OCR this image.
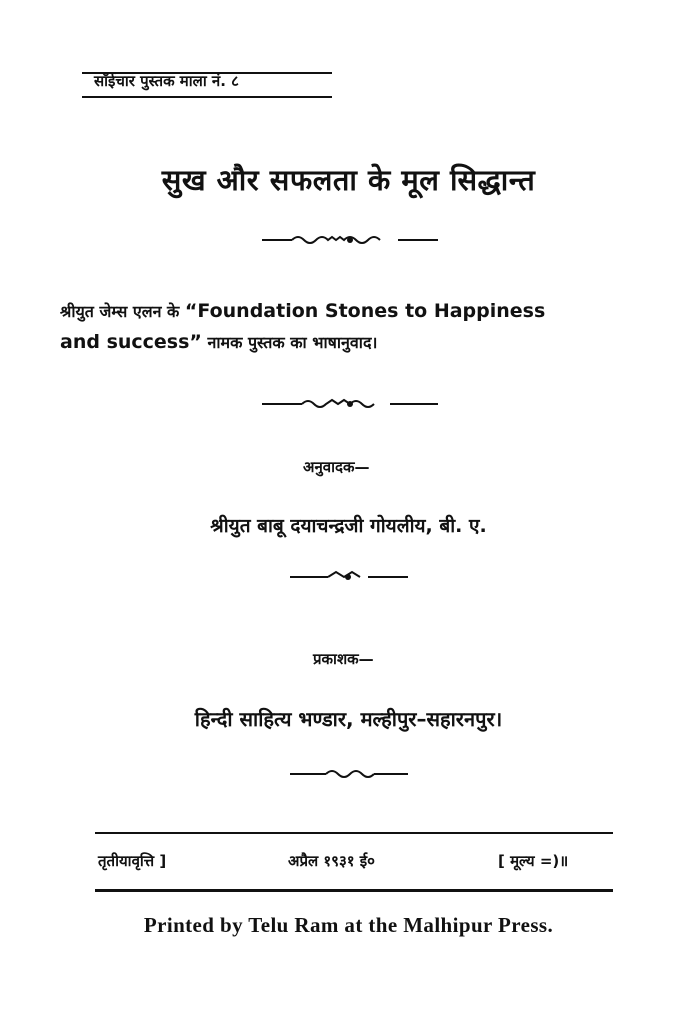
साँईचार पुस्तक माला नं. ८
सुख और सफलता के मूल सिद्धान्त
श्रीयुत जेम्स एलन के “Foundation Stones to Happiness
and success” नामक पुस्तक का भाषानुवाद।
अनुवादक—
श्रीयुत बाबू दयाचन्द्रजी गोयलीय, बी. ए.
प्रकाशक—
हिन्दी साहित्य भण्डार, मल्हीपुर–सहारनपुर।
तृतीयावृत्ति ]	अप्रैल १९३१ ई०	[ मूल्य =)॥
Printed by Telu Ram at the Malhipur Press.
